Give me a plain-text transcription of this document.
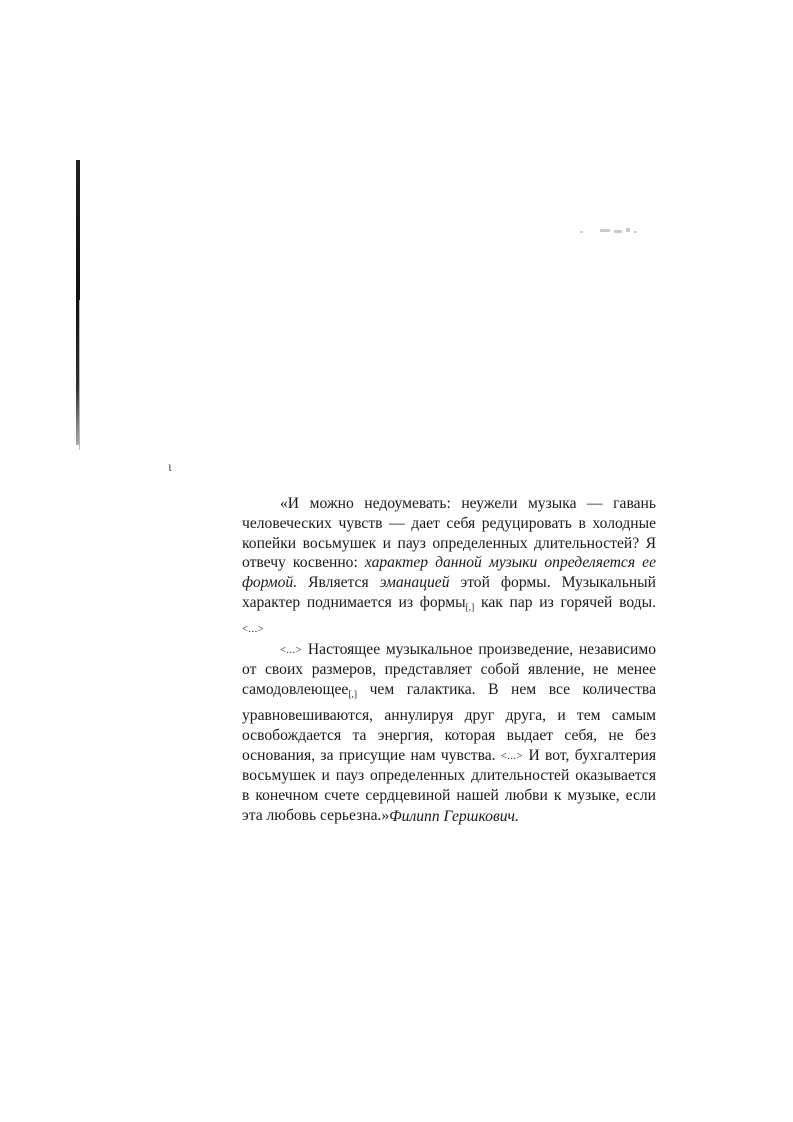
ɩ

«И можно недоумевать: неужели музыка — гавань человеческих чувств — дает себя редуцировать в холодные копейки восьмушек и пауз определенных длительностей? Я отвечу косвенно: характер данной музыки определяется ее формой. Является эманацией этой формы. Музыкальный характер поднимается из формы[,] как пар из горячей воды. <...>

<...> Настоящее музыкальное произведение, независимо от своих размеров, представляет собой явление, не менее самодовлеющее[,] чем галактика. В нем все количества уравновешиваются, аннулируя друг друга, и тем самым освобождается та энергия, которая выдает себя, не без основания, за присущие нам чувства. <...> И вот, бухгалтерия восьмушек и пауз определенных длительностей оказывается в конечном счете сердцевиной нашей любви к музыке, если эта любовь серьезна.» Филипп Гершкович.
